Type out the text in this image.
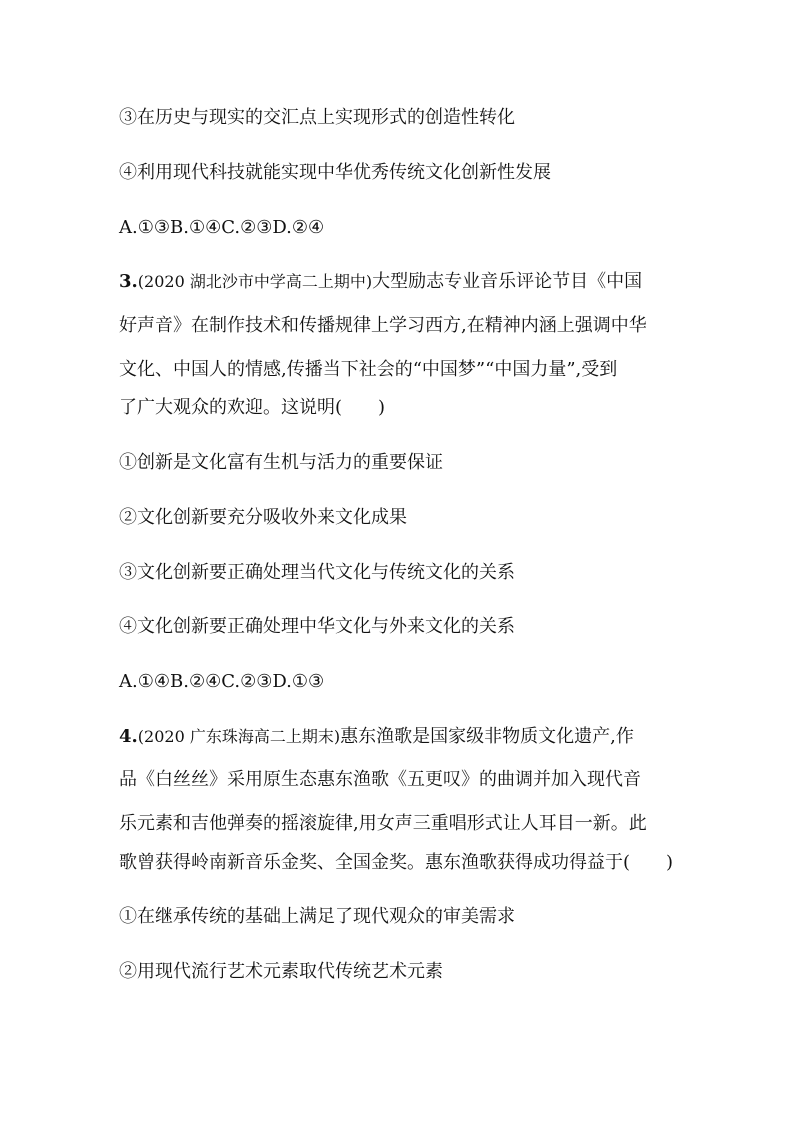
③在历史与现实的交汇点上实现形式的创造性转化
④利用现代科技就能实现中华优秀传统文化创新性发展
A.①③B.①④C.②③D.②④
3.(2020 湖北沙市中学高二上期中)大型励志专业音乐评论节目《中国
好声音》在制作技术和传播规律上学习西方,在精神内涵上强调中华
文化、中国人的情感,传播当下社会的“中国梦”“中国力量”,受到
了广大观众的欢迎。这说明(　　)
①创新是文化富有生机与活力的重要保证
②文化创新要充分吸收外来文化成果
③文化创新要正确处理当代文化与传统文化的关系
④文化创新要正确处理中华文化与外来文化的关系
A.①④B.②④C.②③D.①③
4.(2020 广东珠海高二上期末)惠东渔歌是国家级非物质文化遗产,作
品《白丝丝》采用原生态惠东渔歌《五更叹》的曲调并加入现代音
乐元素和吉他弹奏的摇滚旋律,用女声三重唱形式让人耳目一新。此
歌曾获得岭南新音乐金奖、全国金奖。惠东渔歌获得成功得益于(　　)
①在继承传统的基础上满足了现代观众的审美需求
②用现代流行艺术元素取代传统艺术元素
